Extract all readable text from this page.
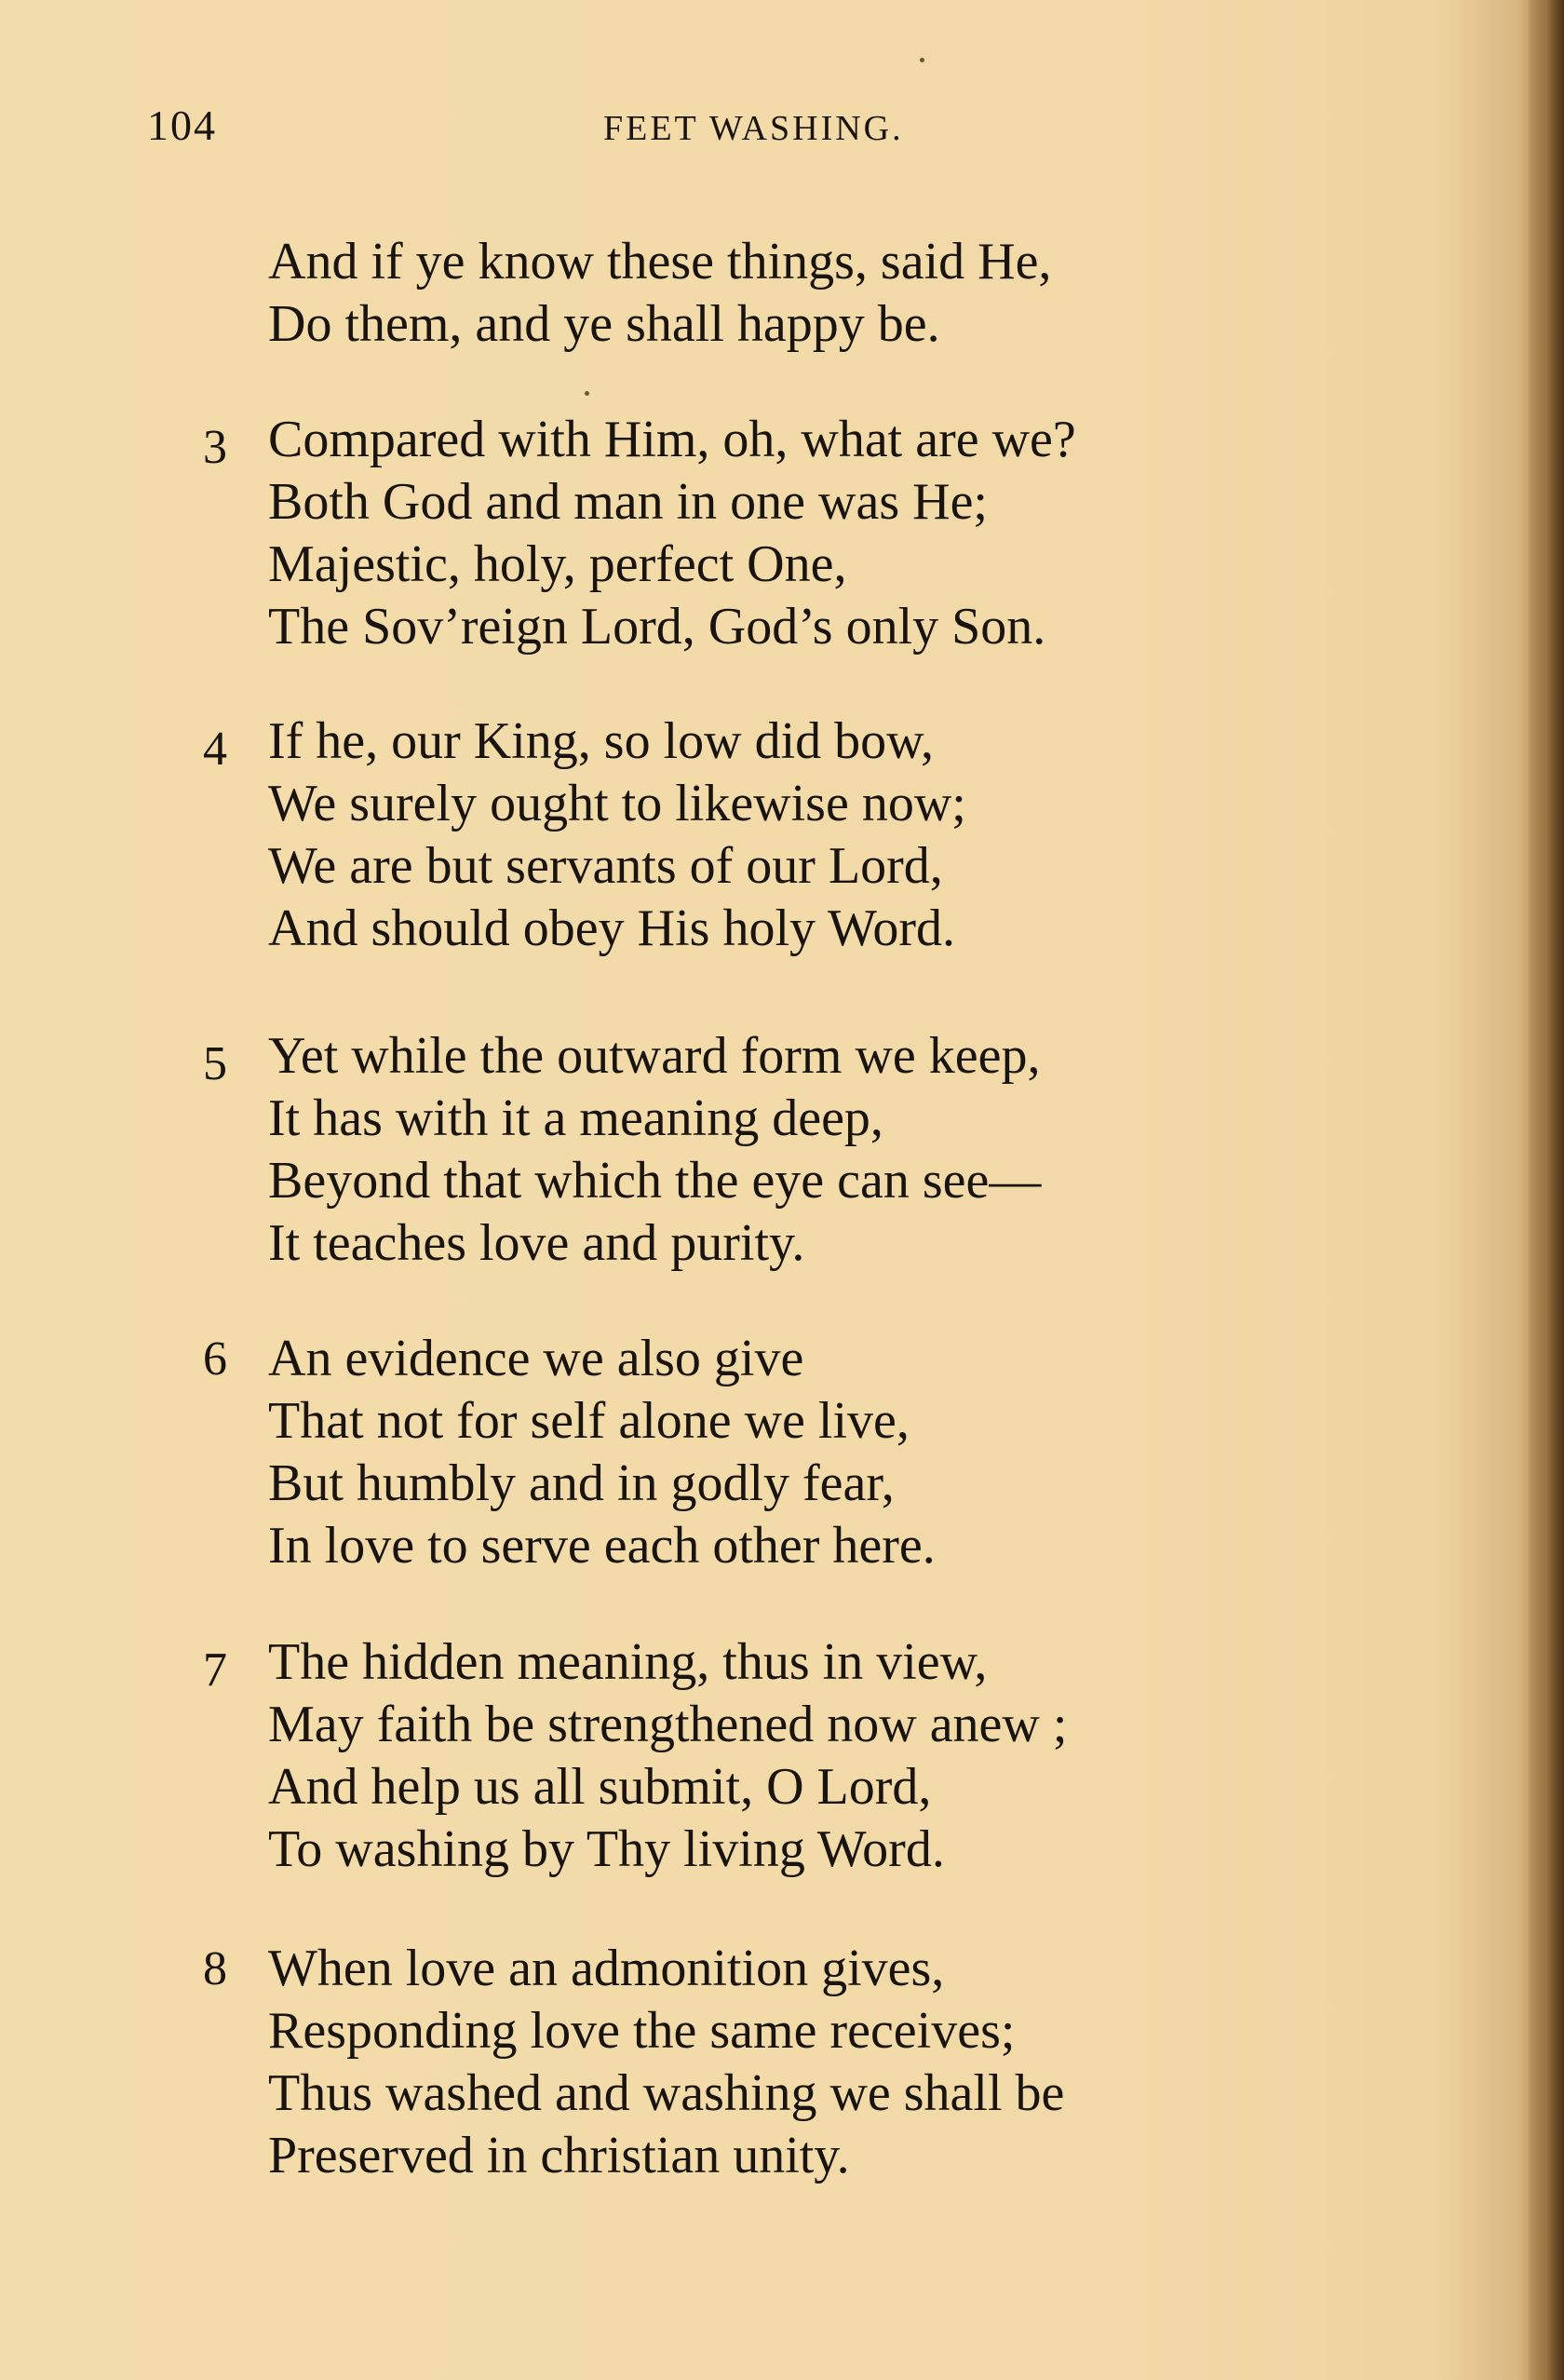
104	FEET WASHING.
And if ye know these things, said He,
Do them, and ye shall happy be.
3 Compared with Him, oh, what are we?
Both God and man in one was He;
Majestic, holy, perfect One,
The Sov’reign Lord, God’s only Son.
4 If he, our King, so low did bow,
We surely ought to likewise now;
We are but servants of our Lord,
And should obey His holy Word.
5 Yet while the outward form we keep,
It has with it a meaning deep,
Beyond that which the eye can see—
It teaches love and purity.
6 An evidence we also give
That not for self alone we live,
But humbly and in godly fear,
In love to serve each other here.
7 The hidden meaning, thus in view,
May faith be strengthened now anew ;
And help us all submit, O Lord,
To washing by Thy living Word.
8 When love an admonition gives,
Responding love the same receives;
Thus washed and washing we shall be
Preserved in christian unity.
